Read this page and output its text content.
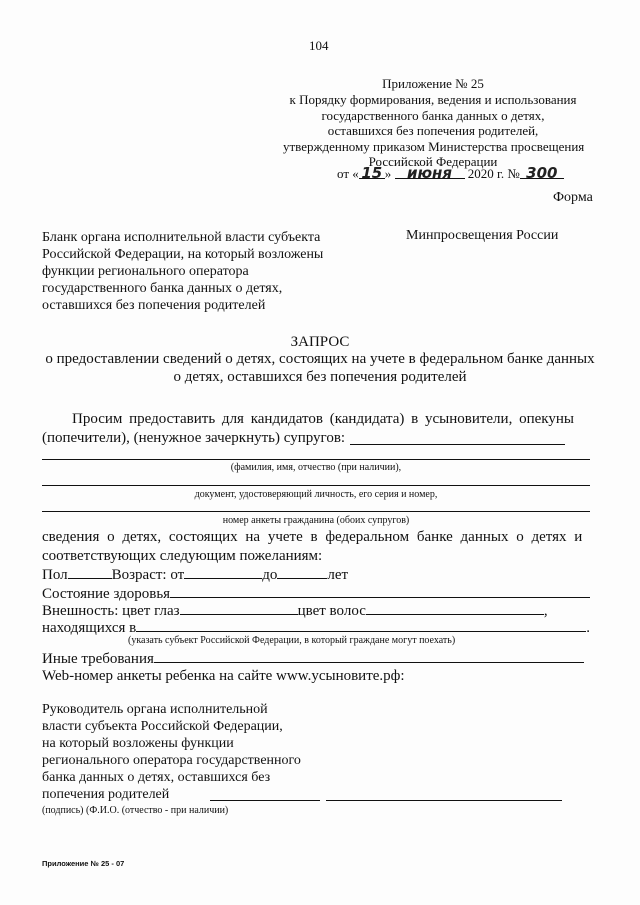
104
Приложение № 25
к Порядку формирования, ведения и использования
государственного банка данных о детях,
оставшихся без попечения родителей,
утвержденному приказом Министерства просвещения
Российской Федерации
от « 15 » июня 2020 г. № 300
Форма
Бланк органа исполнительной власти субъекта
Российской Федерации, на который возложены
функции регионального оператора
государственного банка данных о детях,
оставшихся без попечения родителей
Минпросвещения России
ЗАПРОС
о предоставлении сведений о детях, состоящих на учете в федеральном банке данных
о детях, оставшихся без попечения родителей
Просим предоставить для кандидатов (кандидата) в усыновители, опекуны
(попечители), (ненужное зачеркнуть) супругов:
(фамилия, имя, отчество (при наличии),
документ, удостоверяющий личность, его серия и номер,
номер анкеты гражданина (обоих супругов)
сведения о детях, состоящих на учете в федеральном банке данных о детях и
соответствующих следующим пожеланиям:
Пол	Возраст: от	до	лет
Состояние здоровья
Внешность: цвет глаз	цвет волос	,
находящихся в	.
(указать субъект Российской Федерации, в который граждане могут поехать)
Иные требования
Web-номер анкеты ребенка на сайте www.усыновите.рф:
Руководитель органа исполнительной
власти субъекта Российской Федерации,
на который возложены функции
регионального оператора государственного
банка данных о детях, оставшихся без
попечения родителей
(подпись) (Ф.И.О. (отчество - при наличии)
Приложение № 25 - 07
